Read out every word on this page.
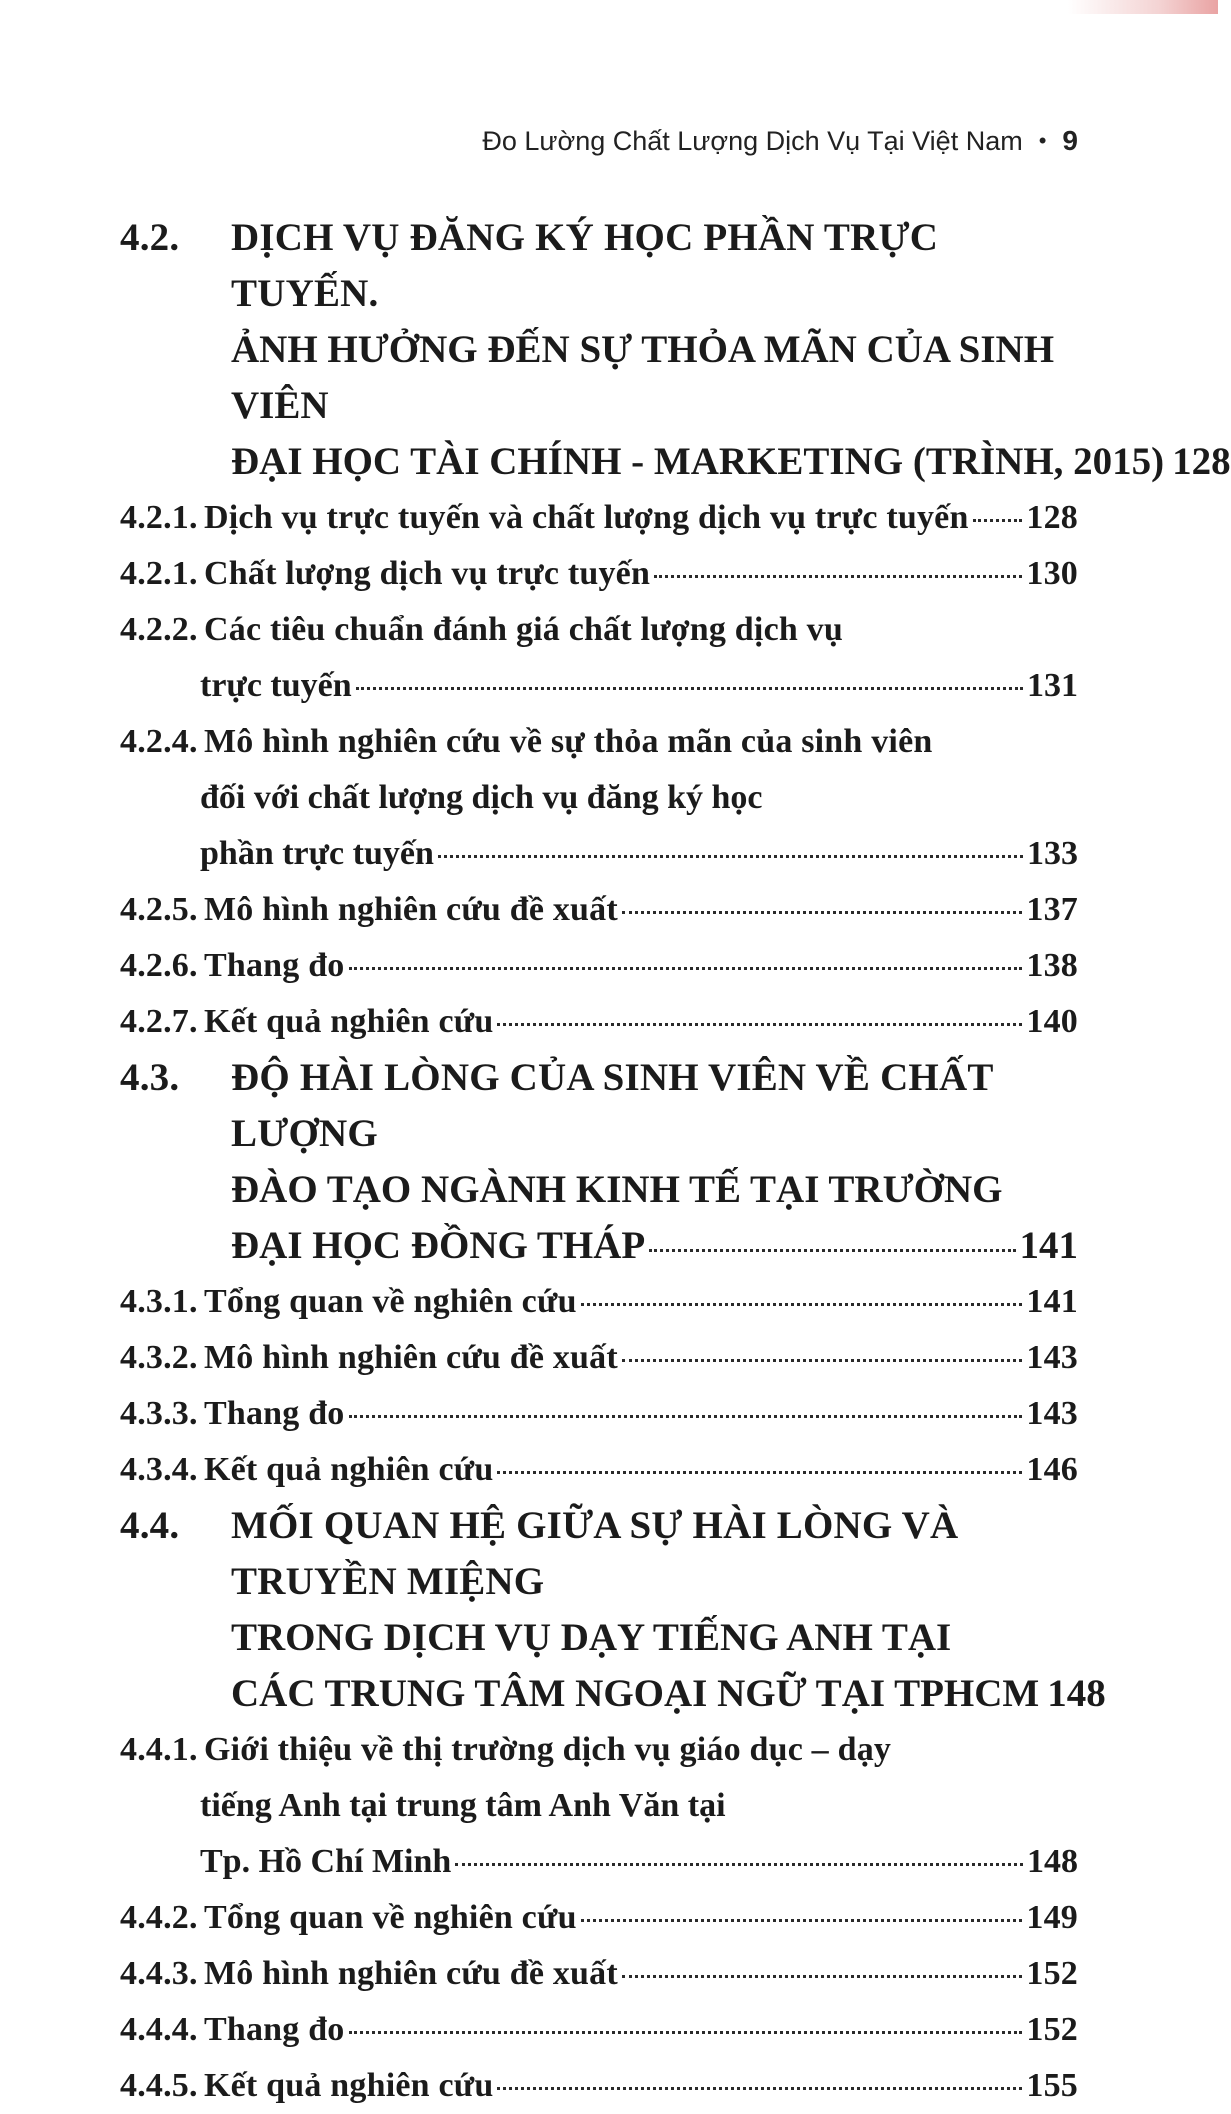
Đo Lường Chất Lượng Dịch Vụ Tại Việt Nam • 9
4.2.	DỊCH VỤ ĐĂNG KÝ HỌC PHẦN TRỰC TUYẾN.
ẢNH HƯỞNG ĐẾN SỰ THỎA MÃN CỦA SINH VIÊN
ĐẠI HỌC TÀI CHÍNH - MARKETING (TRÌNH, 2015) 128
4.2.1. Dịch vụ trực tuyến và chất lượng dịch vụ trực tuyến 128
4.2.1. Chất lượng dịch vụ trực tuyến	130
4.2.2. Các tiêu chuẩn đánh giá chất lượng dịch vụ
trực tuyến	131
4.2.4. Mô hình nghiên cứu về sự thỏa mãn của sinh viên
đối với chất lượng dịch vụ đăng ký học
phần trực tuyến	133
4.2.5. Mô hình nghiên cứu đề xuất	137
4.2.6. Thang đo	138
4.2.7. Kết quả nghiên cứu	140
4.3.	ĐỘ HÀI LÒNG CỦA SINH VIÊN VỀ CHẤT LƯỢNG
ĐÀO TẠO NGÀNH KINH TẾ TẠI TRƯỜNG
ĐẠI HỌC ĐỒNG THÁP	141
4.3.1. Tổng quan về nghiên cứu	141
4.3.2. Mô hình nghiên cứu đề xuất	143
4.3.3. Thang đo	143
4.3.4. Kết quả nghiên cứu	146
4.4.	MỐI QUAN HỆ GIỮA SỰ HÀI LÒNG VÀ TRUYỀN MIỆNG
TRONG DỊCH VỤ DẠY TIẾNG ANH TẠI
CÁC TRUNG TÂM NGOẠI NGỮ TẠI TPHCM 148
4.4.1. Giới thiệu về thị trường dịch vụ giáo dục – dạy
tiếng Anh tại trung tâm Anh Văn tại
Tp. Hồ Chí Minh	148
4.4.2. Tổng quan về nghiên cứu	149
4.4.3. Mô hình nghiên cứu đề xuất	152
4.4.4. Thang đo	152
4.4.5. Kết quả nghiên cứu	155
